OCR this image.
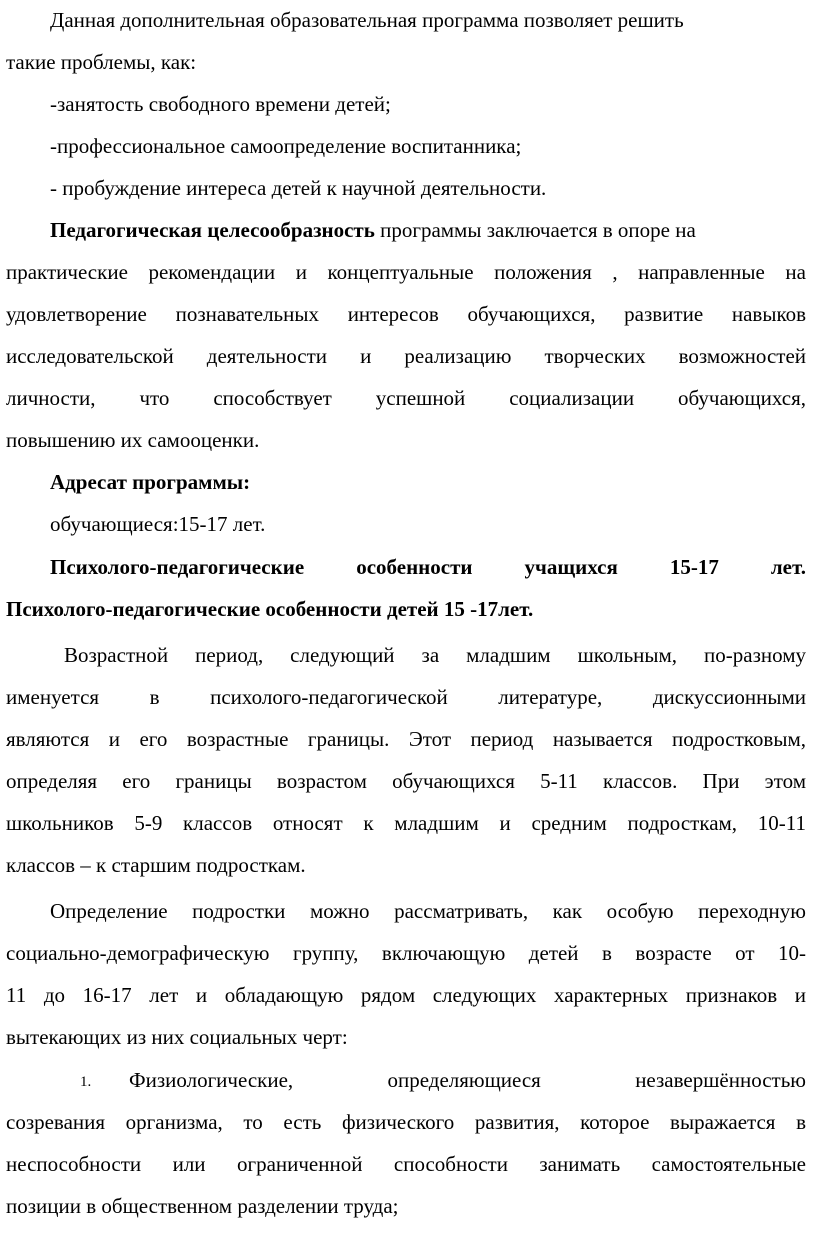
Данная дополнительная образовательная программа позволяет решить
такие проблемы, как:
-занятость свободного времени детей;
-профессиональное самоопределение воспитанника;
- пробуждение интереса детей к научной деятельности.
Педагогическая целесообразность программы заключается в опоре на
практические рекомендации и концептуальные положения , направленные на
удовлетворение познавательных интересов обучающихся, развитие навыков
исследовательской деятельности и реализацию творческих возможностей
личности, что способствует успешной социализации обучающихся,
повышению их самооценки.
Адресат программы:
обучающиеся:15-17 лет.
Психолого-педагогические особенности учащихся 15-17 лет.
Психолого-педагогические особенности детей 15 -17лет.
Возрастной период, следующий за младшим школьным, по-разному
именуется в психолого-педагогической литературе, дискуссионными
являются и его возрастные границы. Этот период называется подростковым,
определяя его границы возрастом обучающихся 5-11 классов. При этом
школьников 5-9 классов относят к младшим и средним подросткам, 10-11
классов – к старшим подросткам.
Определение подростки можно рассматривать, как особую переходную
социально-демографическую группу, включающую детей в возрасте от 10-
11 до 16-17 лет и обладающую рядом следующих характерных признаков и
вытекающих из них социальных черт:
1. Физиологические, определяющиеся незавершённостью
созревания организма, то есть физического развития, которое выражается в
неспособности или ограниченной способности занимать самостоятельные
позиции в общественном разделении труда;
